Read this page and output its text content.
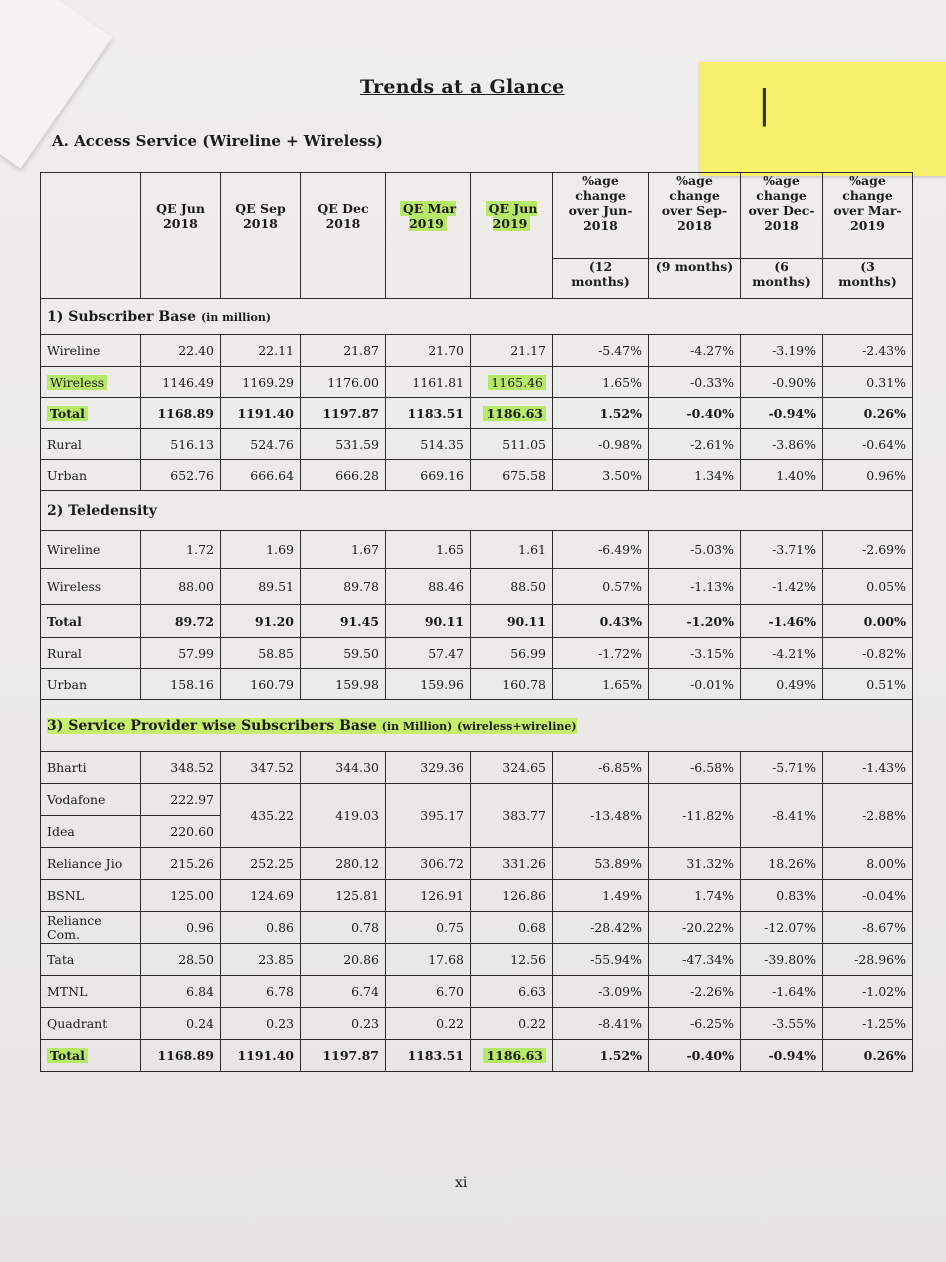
Trends at a Glance
A. Access Service (Wireline + Wireless)
|
	QE Jun 2018	QE Sep 2018	QE Dec 2018	QE Mar 2019	QE Jun 2019	%age change over Jun-2018	%age change over Sep-2018	%age change over Dec-2018	%age change over Mar-2019
						(12 months)	(9 months)	(6 months)	(3 months)
1) Subscriber Base (in million)									
Wireline	22.40	22.11	21.87	21.70	21.17	-5.47%	-4.27%	-3.19%	-2.43%
Wireless	1146.49	1169.29	1176.00	1161.81	1165.46	1.65%	-0.33%	-0.90%	0.31%
Total	1168.89	1191.40	1197.87	1183.51	1186.63	1.52%	-0.40%	-0.94%	0.26%
Rural	516.13	524.76	531.59	514.35	511.05	-0.98%	-2.61%	-3.86%	-0.64%
Urban	652.76	666.64	666.28	669.16	675.58	3.50%	1.34%	1.40%	0.96%
2) Teledensity									
Wireline	1.72	1.69	1.67	1.65	1.61	-6.49%	-5.03%	-3.71%	-2.69%
Wireless	88.00	89.51	89.78	88.46	88.50	0.57%	-1.13%	-1.42%	0.05%
Total	89.72	91.20	91.45	90.11	90.11	0.43%	-1.20%	-1.46%	0.00%
Rural	57.99	58.85	59.50	57.47	56.99	-1.72%	-3.15%	-4.21%	-0.82%
Urban	158.16	160.79	159.98	159.96	160.78	1.65%	-0.01%	0.49%	0.51%
3) Service Provider wise Subscribers Base (in Million) (wireless+wireline)									
Bharti	348.52	347.52	344.30	329.36	324.65	-6.85%	-6.58%	-5.71%	-1.43%
Vodafone	222.97	435.22	419.03	395.17	383.77	-13.48%	-11.82%	-8.41%	-2.88%
Idea	220.60								
Reliance Jio	215.26	252.25	280.12	306.72	331.26	53.89%	31.32%	18.26%	8.00%
BSNL	125.00	124.69	125.81	126.91	126.86	1.49%	1.74%	0.83%	-0.04%
Reliance Com.	0.96	0.86	0.78	0.75	0.68	-28.42%	-20.22%	-12.07%	-8.67%
Tata	28.50	23.85	20.86	17.68	12.56	-55.94%	-47.34%	-39.80%	-28.96%
MTNL	6.84	6.78	6.74	6.70	6.63	-3.09%	-2.26%	-1.64%	-1.02%
Quadrant	0.24	0.23	0.23	0.22	0.22	-8.41%	-6.25%	-3.55%	-1.25%
Total	1168.89	1191.40	1197.87	1183.51	1186.63	1.52%	-0.40%	-0.94%	0.26%
xi
